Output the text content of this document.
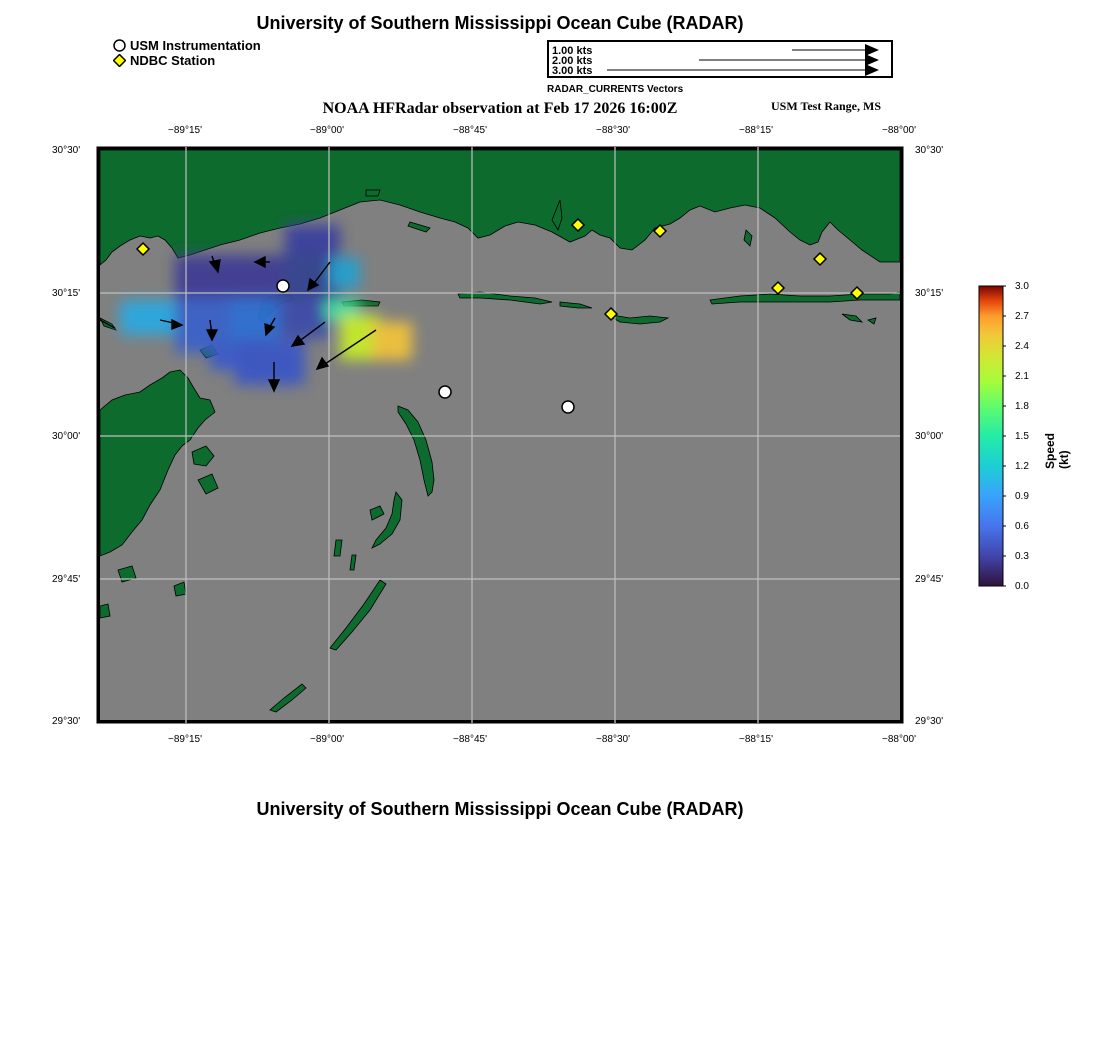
University of Southern Mississippi Ocean Cube (RADAR)
USM Instrumentation
NDBC Station
1.00 kts
2.00 kts
3.00 kts
RADAR_CURRENTS Vectors
NOAA HFRadar observation at Feb 17 2026 16:00Z	USM Test Range, MS
−89°15'	−89°00'	−88°45'	−88°30'	−88°15'	−88°00'
−89°15'	−89°00'	−88°45'	−88°30'	−88°15'	−88°00'
30°30'
30°15'
30°00'
29°45'
29°30'
30°30'
30°15'
30°00'
29°45'
29°30'
3.0
2.7
2.4
2.1
1.8
1.5
1.2
0.9
0.6
0.3
0.0
Speed (kt)
University of Southern Mississippi Ocean Cube (RADAR)
